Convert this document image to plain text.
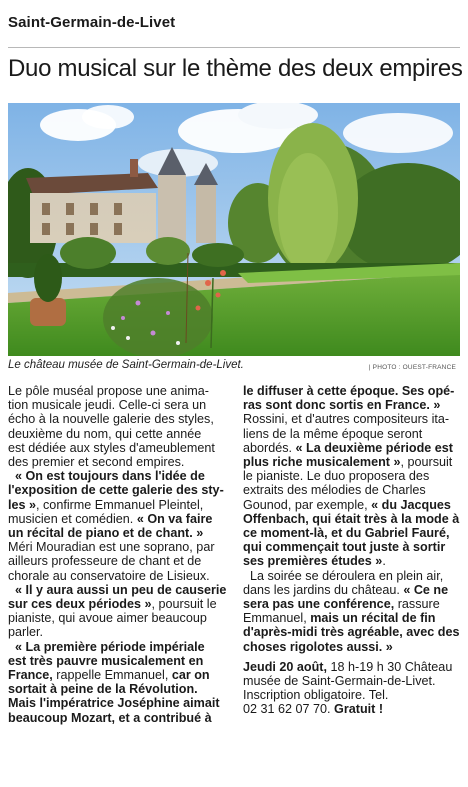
Saint-Germain-de-Livet
Duo musical sur le thème des deux empires
Le château musée de Saint-Germain-de-Livet.	| PHOTO : OUEST-FRANCE
Le pôle muséal propose une anima-
tion musicale jeudi. Celle-ci sera un
écho à la nouvelle galerie des styles,
deuxième du nom, qui cette année
est dédiée aux styles d'ameublement
des premier et second empires.
« On est toujours dans l'idée de
l'exposition de cette galerie des sty-
les », confirme Emmanuel Pleintel,
musicien et comédien. « On va faire
un récital de piano et de chant. »
Méri Mouradian est une soprano, par
ailleurs professeure de chant et de
chorale au conservatoire de Lisieux.
« Il y aura aussi un peu de causerie
sur ces deux périodes », poursuit le
pianiste, qui avoue aimer beaucoup
parler.
« La première période impériale
est très pauvre musicalement en
France, rappelle Emmanuel, car on
sortait à peine de la Révolution.
Mais l'impératrice Joséphine aimait
beaucoup Mozart, et a contribué à
le diffuser à cette époque. Ses opé-
ras sont donc sortis en France. »
Rossini, et d'autres compositeurs ita-
liens de la même époque seront
abordés. « La deuxième période est
plus riche musicalement », poursuit
le pianiste. Le duo proposera des
extraits des mélodies de Charles
Gounod, par exemple, « du Jacques
Offenbach, qui était très à la mode à
ce moment-là, et du Gabriel Fauré,
qui commençait tout juste à sortir
ses premières études ».
La soirée se déroulera en plein air,
dans les jardins du château. « Ce ne
sera pas une conférence, rassure
Emmanuel, mais un récital de fin
d'après-midi très agréable, avec des
choses rigolotes aussi. »
Jeudi 20 août, 18 h-19 h 30 Château
musée de Saint-Germain-de-Livet.
Inscription obligatoire. Tel.
02 31 62 07 70. Gratuit !
